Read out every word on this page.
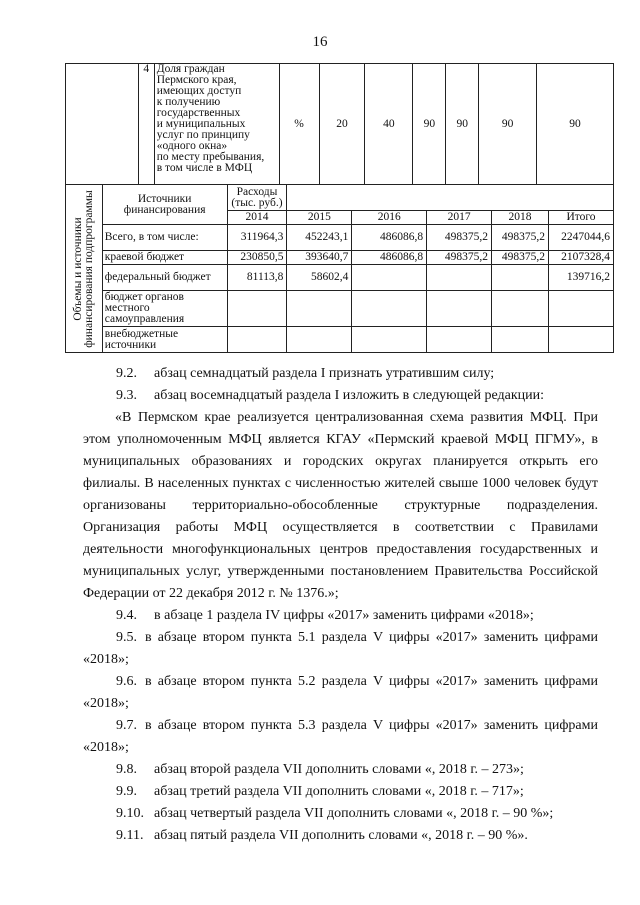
16
	4	Доля граждан
Пермского края,
имеющих доступ
к получению
государственных
и муниципальных
услуг по принципу
«одного окна»
по месту пребывания,
в том числе в МФЦ
	%	20	40	90	90	90	90
Объемы и источники финансирования подпрограммы	Источники финансирования	Расходы (тыс. руб.)					
		2014	2015	2016	2017	2018	Итого
	Всего, в том числе:	311964,3	452243,1	486086,8	498375,2	498375,2	2247044,6
	краевой бюджет	230850,5	393640,7	486086,8	498375,2	498375,2	2107328,4
	федеральный бюджет	81113,8	58602,4				139716,2
	бюджет органов местного самоуправления						
	внебюджетные источники						
9.2.	абзац семнадцатый раздела I признать утратившим силу;
9.3.	абзац восемнадцатый раздела I изложить в следующей редакции:
«В Пермском крае реализуется централизованная схема развития МФЦ. При этом уполномоченным МФЦ является КГАУ «Пермский краевой МФЦ ПГМУ», в муниципальных образованиях и городских округах планируется открыть его филиалы. В населенных пунктах с численностью жителей свыше 1000 человек будут организованы территориально-обособленные структурные подразделения. Организация работы МФЦ осуществляется в соответствии с Правилами деятельности многофункциональных центров предоставления государственных и муниципальных услуг, утвержденными постановлением Правительства Российской Федерации от 22 декабря 2012 г. № 1376.»;
9.4.	в абзаце 1 раздела IV цифры «2017» заменить цифрами «2018»;
9.5. в абзаце втором пункта 5.1 раздела V цифры «2017» заменить цифрами «2018»;
9.6. в абзаце втором пункта 5.2 раздела V цифры «2017» заменить цифрами «2018»;
9.7. в абзаце втором пункта 5.3 раздела V цифры «2017» заменить цифрами «2018»;
9.8.	абзац второй раздела VII дополнить словами «, 2018 г. – 273»;
9.9.	абзац третий раздела VII дополнить словами «, 2018 г. – 717»;
9.10. абзац четвертый раздела VII дополнить словами «, 2018 г. – 90 %»;
9.11. абзац пятый раздела VII дополнить словами «, 2018 г. – 90 %».
